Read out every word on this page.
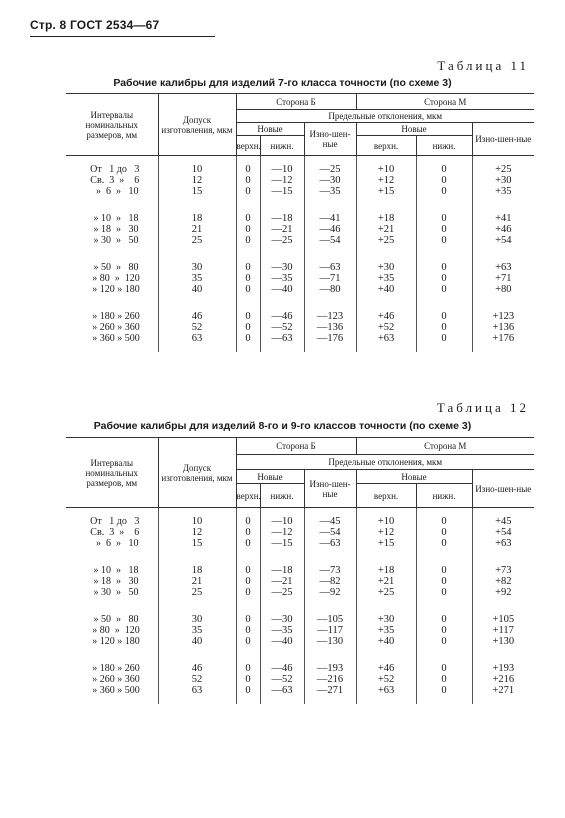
Стр. 8 ГОСТ 2534—67
Таблица 11
Рабочие калибры для изделий 7-го класса точности (по схеме 3)
Интервалы номинальных размеров, мм	Допуск изготовления, мкм	Сторона Б			Сторона М		
		Предельные отклонения, мкм					
		Новые		Изно-шен-ные	Новые		Изно-шен-ные
		верхн.	нижн.		верхн.	нижн.	
От   1 до   3	10	0	—10	—25	+10	0	+25
Св.  3  »    6	12	0	—12	—30	+12	0	+30
»  6  »   10	15	0	—15	—35	+15	0	+35
» 10  »   18	18	0	—18	—41	+18	0	+41
» 18  »   30	21	0	—21	—46	+21	0	+46
» 30  »   50	25	0	—25	—54	+25	0	+54
» 50  »   80	30	0	—30	—63	+30	0	+63
» 80  »  120	35	0	—35	—71	+35	0	+71
» 120 » 180	40	0	—40	—80	+40	0	+80
» 180 » 260	46	0	—46	—123	+46	0	+123
» 260 » 360	52	0	—52	—136	+52	0	+136
» 360 » 500	63	0	—63	—176	+63	0	+176
Таблица 12
Рабочие калибры для изделий 8-го и 9-го классов точности (по схеме 3)
Интервалы номинальных размеров, мм	Допуск изготовления, мкм	Сторона Б			Сторона М		
		Предельные отклонения, мкм					
		Новые		Изно-шен-ные	Новые		Изно-шен-ные
		верхн.	нижн.		верхн.	нижн.	
От   1 до   3	10	0	—10	—45	+10	0	+45
Св.  3  »    6	12	0	—12	—54	+12	0	+54
»  6  »   10	15	0	—15	—63	+15	0	+63
» 10  »   18	18	0	—18	—73	+18	0	+73
» 18  »   30	21	0	—21	—82	+21	0	+82
» 30  »   50	25	0	—25	—92	+25	0	+92
» 50  »   80	30	0	—30	—105	+30	0	+105
» 80  »  120	35	0	—35	—117	+35	0	+117
» 120 » 180	40	0	—40	—130	+40	0	+130
» 180 » 260	46	0	—46	—193	+46	0	+193
» 260 » 360	52	0	—52	—216	+52	0	+216
» 360 » 500	63	0	—63	—271	+63	0	+271
